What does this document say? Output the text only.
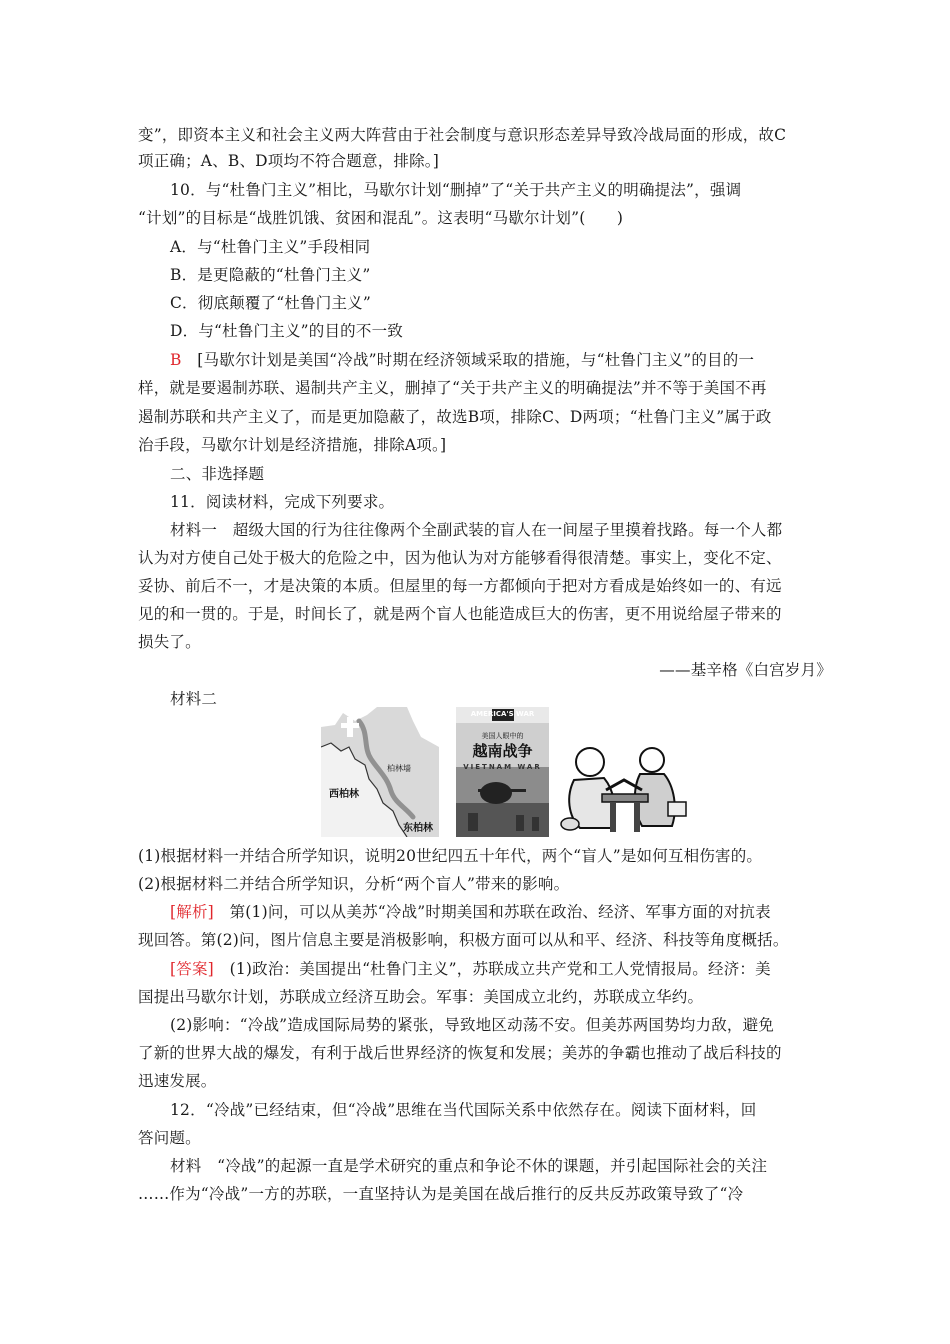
变”，即资本主义和社会主义两大阵营由于社会制度与意识形态差异导致冷战局面的形成，故C
项正确；A、B、D项均不符合题意，排除。]
10．与“杜鲁门主义”相比，马歇尔计划“删掉”了“关于共产主义的明确提法”，强调
“计划”的目标是“战胜饥饿、贫困和混乱”。这表明“马歇尔计划”(　　)
A．与“杜鲁门主义”手段相同
B．是更隐蔽的“杜鲁门主义”
C．彻底颠覆了“杜鲁门主义”
D．与“杜鲁门主义”的目的不一致
B　 [马歇尔计划是美国“冷战”时期在经济领域采取的措施，与“杜鲁门主义”的目的一
样，就是要遏制苏联、遏制共产主义，删掉了“关于共产主义的明确提法”并不等于美国不再
遏制苏联和共产主义了，而是更加隐蔽了，故选B项，排除C、D两项；“杜鲁门主义”属于政
治手段，马歇尔计划是经济措施，排除A项。]
二、非选择题
11．阅读材料，完成下列要求。
材料一　超级大国的行为往往像两个全副武装的盲人在一间屋子里摸着找路。每一个人都
认为对方使自己处于极大的危险之中，因为他认为对方能够看得很清楚。事实上，变化不定、
妥协、前后不一，才是决策的本质。但屋里的每一方都倾向于把对方看成是始终如一的、有远
见的和一贯的。于是，时间长了，就是两个盲人也能造成巨大的伤害，更不用说给屋子带来的
损失了。
——基辛格《白宫岁月》
材料二
西柏林
东柏林
柏林墙
AMERICA'S WAR
美国人眼中的
越南战争
VIETNAM WAR
(1)根据材料一并结合所学知识，说明20世纪四五十年代，两个“盲人”是如何互相伤害的。
(2)根据材料二并结合所学知识，分析“两个盲人”带来的影响。
[解析]　第(1)问，可以从美苏“冷战”时期美国和苏联在政治、经济、军事方面的对抗表
现回答。第(2)问，图片信息主要是消极影响，积极方面可以从和平、经济、科技等角度概括。
[答案]　(1)政治：美国提出“杜鲁门主义”，苏联成立共产党和工人党情报局。经济：美
国提出马歇尔计划，苏联成立经济互助会。军事：美国成立北约，苏联成立华约。
(2)影响：“冷战”造成国际局势的紧张，导致地区动荡不安。但美苏两国势均力敌，避免
了新的世界大战的爆发，有利于战后世界经济的恢复和发展；美苏的争霸也推动了战后科技的
迅速发展。
12．“冷战”已经结束，但“冷战”思维在当代国际关系中依然存在。阅读下面材料，回
答问题。
材料　“冷战”的起源一直是学术研究的重点和争论不休的课题，并引起国际社会的关注
……作为“冷战”一方的苏联，一直坚持认为是美国在战后推行的反共反苏政策导致了“冷
